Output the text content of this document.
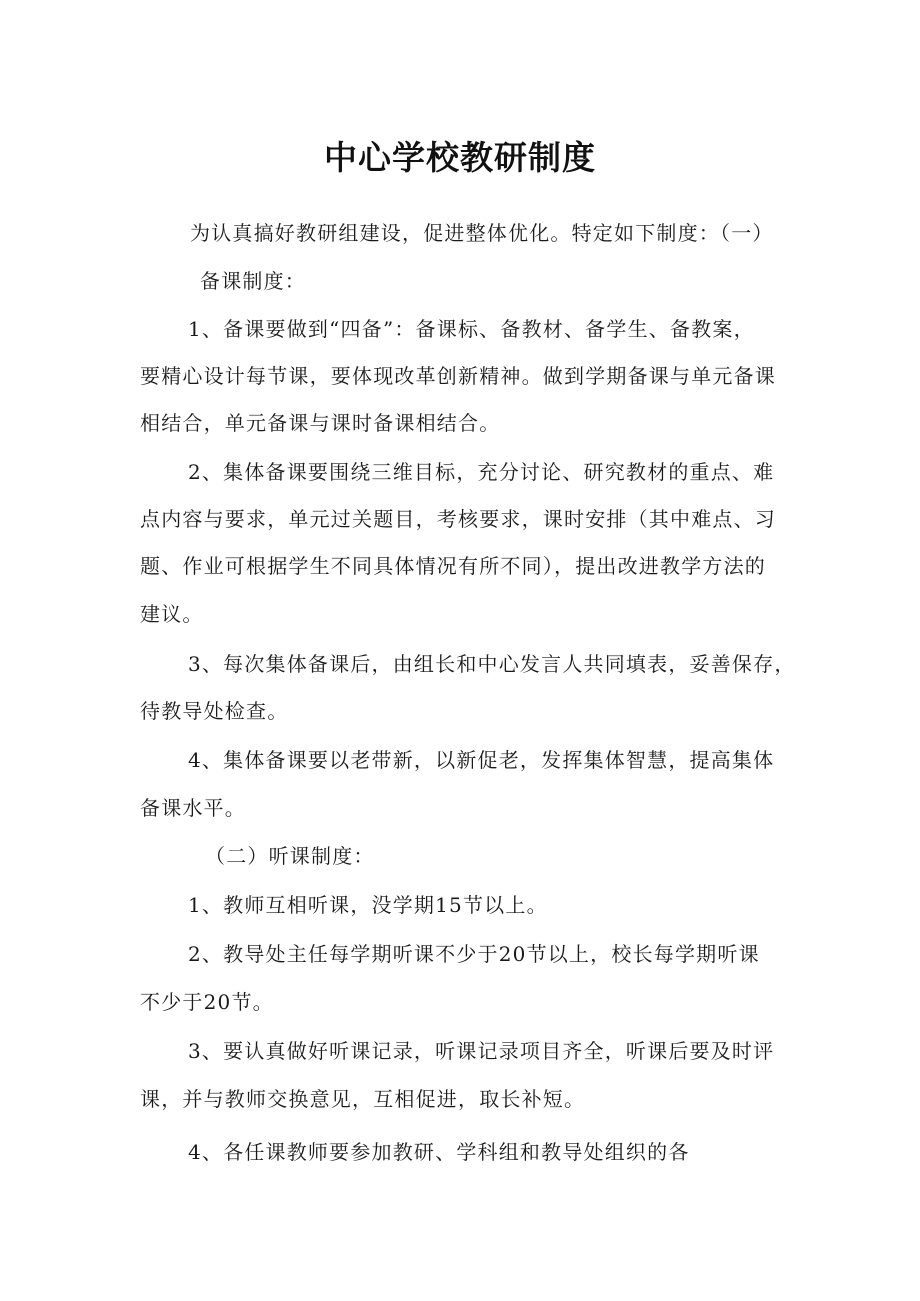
中心学校教研制度
为认真搞好教研组建设，促进整体优化。特定如下制度：（一）
备课制度：
1、备课要做到“四备”：备课标、备教材、备学生、备教案，
要精心设计每节课，要体现改革创新精神。做到学期备课与单元备课
相结合，单元备课与课时备课相结合。
2、集体备课要围绕三维目标，充分讨论、研究教材的重点、难
点内容与要求，单元过关题目，考核要求，课时安排（其中难点、习
题、作业可根据学生不同具体情况有所不同），提出改进教学方法的
建议。
3、每次集体备课后，由组长和中心发言人共同填表，妥善保存，
待教导处检查。
4、集体备课要以老带新，以新促老，发挥集体智慧，提高集体
备课水平。
（二）听课制度：
1、教师互相听课，没学期15节以上。
2、教导处主任每学期听课不少于20节以上，校长每学期听课
不少于20节。
3、要认真做好听课记录，听课记录项目齐全，听课后要及时评
课，并与教师交换意见，互相促进，取长补短。
4、各任课教师要参加教研、学科组和教导处组织的各
